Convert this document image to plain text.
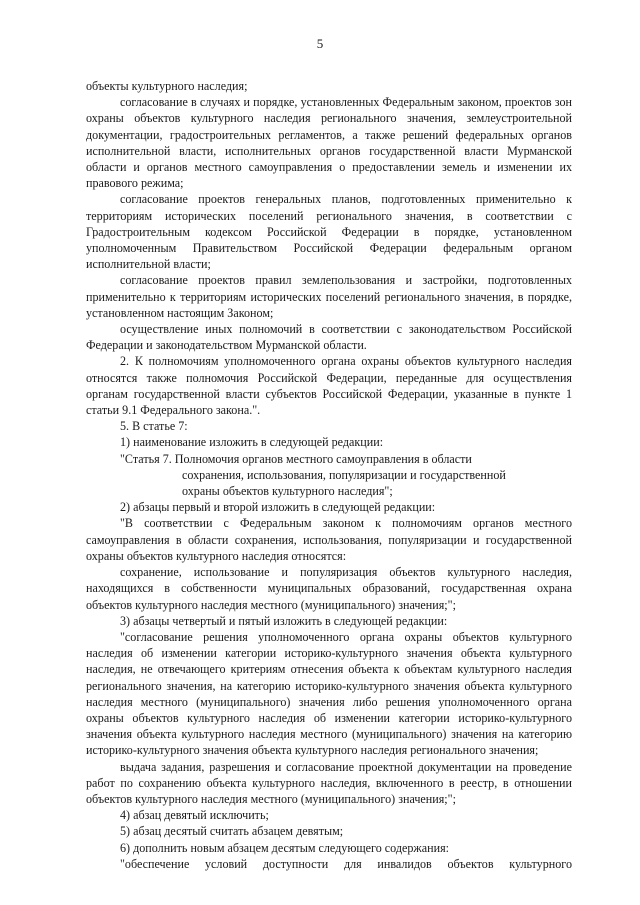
5

объекты культурного наследия;

согласование в случаях и порядке, установленных Федеральным законом, проектов зон охраны объектов культурного наследия регионального значения, землеустроительной документации, градостроительных регламентов, а также решений федеральных органов исполнительной власти, исполнительных органов государственной власти Мурманской области и органов местного самоуправления о предоставлении земель и изменении их правового режима;

согласование проектов генеральных планов, подготовленных применительно к территориям исторических поселений регионального значения, в соответствии с Градостроительным кодексом Российской Федерации в порядке, установленном уполномоченным Правительством Российской Федерации федеральным органом исполнительной власти;

согласование проектов правил землепользования и застройки, подготовленных применительно к территориям исторических поселений регионального значения, в порядке, установленном настоящим Законом;

осуществление иных полномочий в соответствии с законодательством Российской Федерации и законодательством Мурманской области.

2. К полномочиям уполномоченного органа охраны объектов культурного наследия относятся также полномочия Российской Федерации, переданные для осуществления органам государственной власти субъектов Российской Федерации, указанные в пункте 1 статьи 9.1 Федерального закона.".

5. В статье 7:

1) наименование изложить в следующей редакции:

"Статья 7. Полномочия органов местного самоуправления в области

сохранения, использования, популяризации и государственной

охраны объектов культурного наследия";

2) абзацы первый и второй изложить в следующей редакции:

"В соответствии с Федеральным законом к полномочиям органов местного самоуправления в области сохранения, использования, популяризации и государственной охраны объектов культурного наследия относятся:

сохранение, использование и популяризация объектов культурного наследия, находящихся в собственности муниципальных образований, государственная охрана объектов культурного наследия местного (муниципального) значения;";

3) абзацы четвертый и пятый изложить в следующей редакции:

"согласование решения уполномоченного органа охраны объектов культурного наследия об изменении категории историко-культурного значения объекта культурного наследия, не отвечающего критериям отнесения объекта к объектам культурного наследия регионального значения, на категорию историко-культурного значения объекта культурного наследия местного (муниципального) значения либо решения уполномоченного органа охраны объектов культурного наследия об изменении категории историко-культурного значения объекта культурного наследия местного (муниципального) значения на категорию историко-культурного значения объекта культурного наследия регионального значения;

выдача задания, разрешения и согласование проектной документации на проведение работ по сохранению объекта культурного наследия, включенного в реестр, в отношении объектов культурного наследия местного (муниципального) значения;";

4) абзац девятый исключить;

5) абзац десятый считать абзацем девятым;

6) дополнить новым абзацем десятым следующего содержания:

"обеспечение условий доступности для инвалидов объектов культурного
